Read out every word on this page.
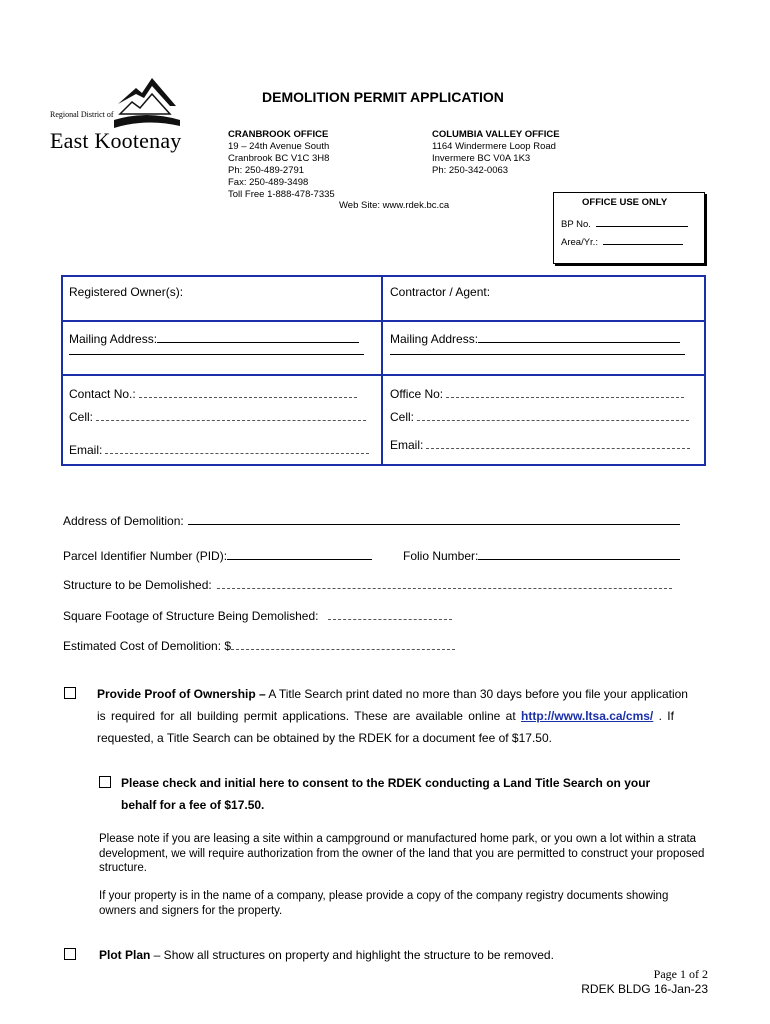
Regional District of
East Kootenay
DEMOLITION PERMIT APPLICATION
CRANBROOK OFFICE
19 – 24th Avenue South
Cranbrook BC V1C 3H8
Ph: 250-489-2791
Fax: 250-489-3498
Toll Free 1-888-478-7335
COLUMBIA VALLEY OFFICE
1164 Windermere Loop Road
Invermere BC V0A 1K3
Ph: 250-342-0063
Web Site: www.rdek.bc.ca	OFFICE USE ONLY
BP No.
Area/Yr.:
Registered Owner(s):
Mailing Address:
Contact No.:
Cell:
Email:
Contractor / Agent:
Mailing Address:
Office No:
Cell:
Email:
Address of Demolition:
Parcel Identifier Number (PID):	Folio Number:
Structure to be Demolished:
Square Footage of Structure Being Demolished:
Estimated Cost of Demolition: $
Provide Proof of Ownership – A Title Search print dated no more than 30 days before you file your application
is required for all building permit applications. These are available online at http://www.ltsa.ca/cms/ . If
requested, a Title Search can be obtained by the RDEK for a document fee of $17.50.
Please check and initial here to consent to the RDEK conducting a Land Title Search on your
behalf for a fee of $17.50.
Please note if you are leasing a site within a campground or manufactured home park, or you own a lot within a strata development, we will require authorization from the owner of the land that you are permitted to construct your proposed structure.
If your property is in the name of a company, please provide a copy of the company registry documents showing owners and signers for the property.
Plot Plan – Show all structures on property and highlight the structure to be removed.
Page 1 of 2
RDEK BLDG 16-Jan-23
